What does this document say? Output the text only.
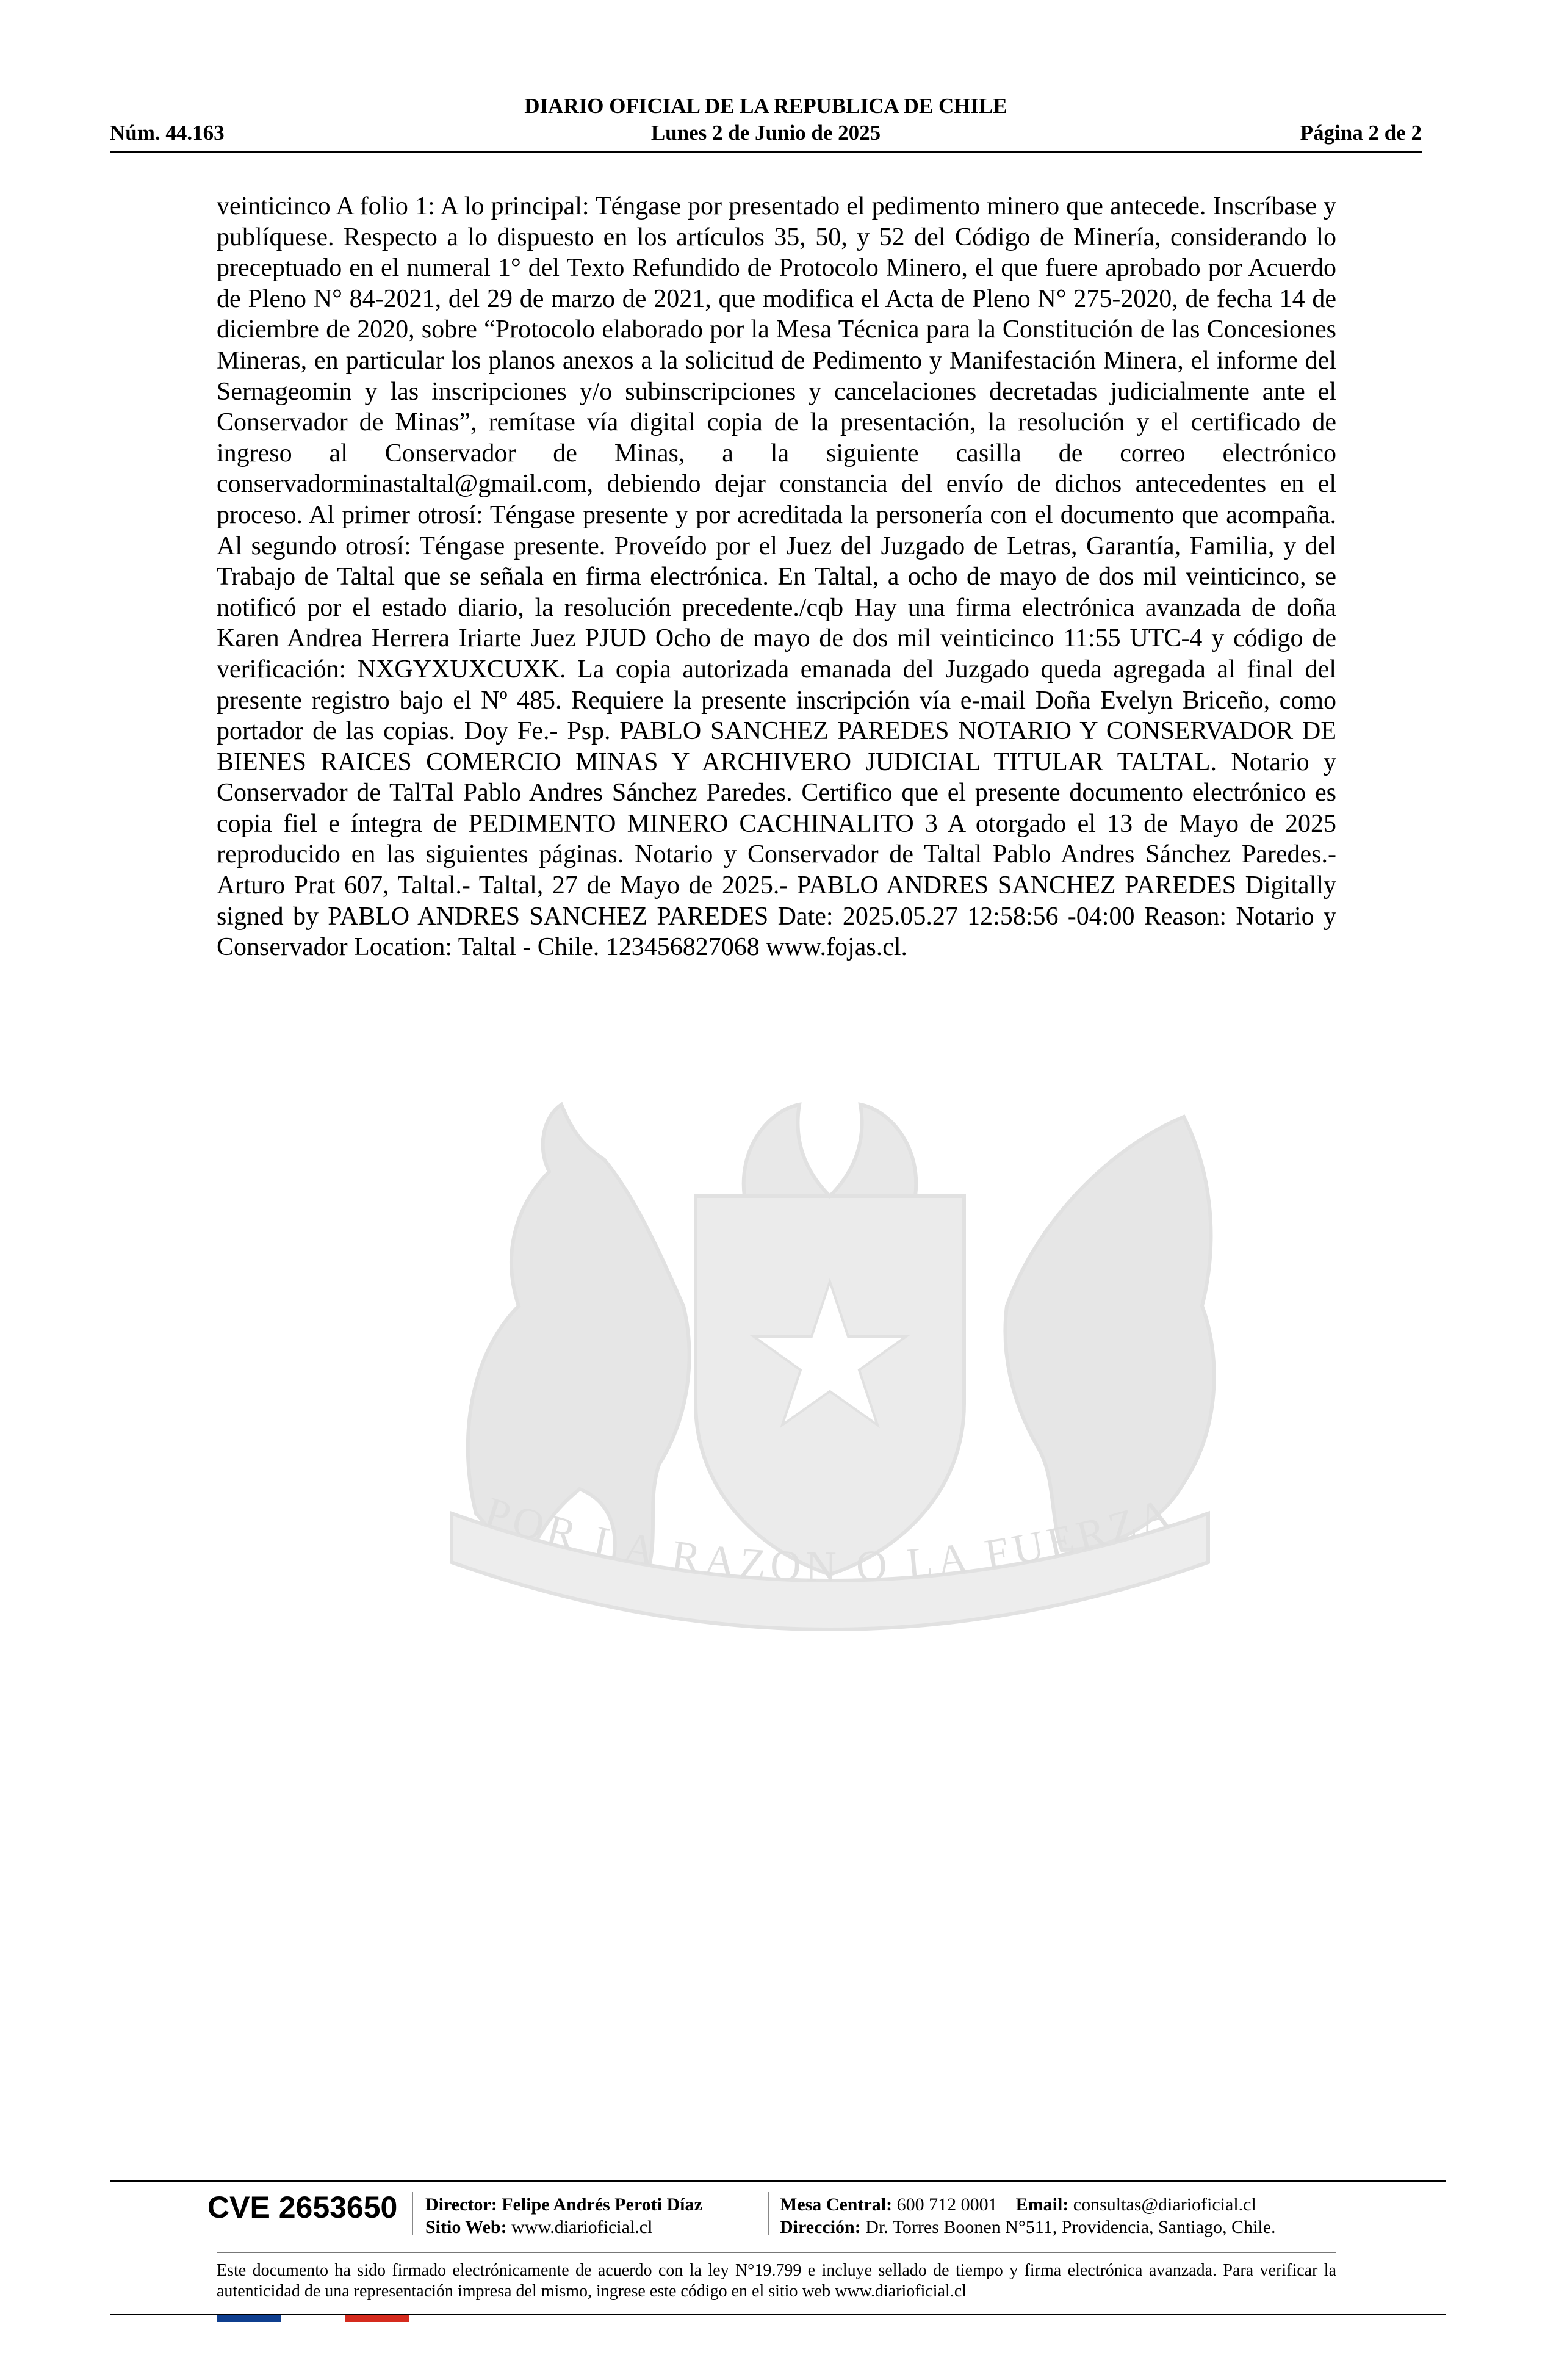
DIARIO OFICIAL DE LA REPUBLICA DE CHILE
Núm. 44.163	Lunes 2 de Junio de 2025	Página 2 de 2
POR LA RAZON O LA FUERZA

veinticinco A folio 1: A lo principal: Téngase por presentado el pedimento minero que antecede. Inscríbase y publíquese. Respecto a lo dispuesto en los artículos 35, 50, y 52 del Código de Minería, considerando lo preceptuado en el numeral 1° del Texto Refundido de Protocolo Minero, el que fuere aprobado por Acuerdo de Pleno N° 84-2021, del 29 de marzo de 2021, que modifica el Acta de Pleno N° 275-2020, de fecha 14 de diciembre de 2020, sobre “Protocolo elaborado por la Mesa Técnica para la Constitución de las Concesiones Mineras, en particular los planos anexos a la solicitud de Pedimento y Manifestación Minera, el informe del Sernageomin y las inscripciones y/o subinscripciones y cancelaciones decretadas judicialmente ante el Conservador de Minas”, remítase vía digital copia de la presentación, la resolución y el certificado de ingreso al Conservador de Minas, a la siguiente casilla de correo electrónico conservadorminastaltal@gmail.com, debiendo dejar constancia del envío de dichos antecedentes en el proceso. Al primer otrosí: Téngase presente y por acreditada la personería con el documento que acompaña. Al segundo otrosí: Téngase presente. Proveído por el Juez del Juzgado de Letras, Garantía, Familia, y del Trabajo de Taltal que se señala en firma electrónica. En Taltal, a ocho de mayo de dos mil veinticinco, se notificó por el estado diario, la resolución precedente./cqb Hay una firma electrónica avanzada de doña Karen Andrea Herrera Iriarte Juez PJUD Ocho de mayo de dos mil veinticinco 11:55 UTC-4 y código de verificación: NXGYXUXCUXK. La copia autorizada emanada del Juzgado queda agregada al final del presente registro bajo el Nº 485. Requiere la presente inscripción vía e-mail Doña Evelyn Briceño, como portador de las copias. Doy Fe.- Psp. PABLO SANCHEZ PAREDES NOTARIO Y CONSERVADOR DE BIENES RAICES COMERCIO MINAS Y ARCHIVERO JUDICIAL TITULAR TALTAL. Notario y Conservador de TalTal Pablo Andres Sánchez Paredes. Certifico que el presente documento electrónico es copia fiel e íntegra de PEDIMENTO MINERO CACHINALITO 3 A otorgado el 13 de Mayo de 2025 reproducido en las siguientes páginas. Notario y Conservador de Taltal Pablo Andres Sánchez Paredes.- Arturo Prat 607, Taltal.- Taltal, 27 de Mayo de 2025.- PABLO ANDRES SANCHEZ PAREDES Digitally signed by PABLO ANDRES SANCHEZ PAREDES Date: 2025.05.27 12:58:56 -04:00 Reason: Notario y Conservador Location: Taltal - Chile. 123456827068 www.fojas.cl.

CVE 2653650 Director: Felipe Andrés Peroti Díaz
Sitio Web: www.diarioficial.cl
Mesa Central: 600 712 0001 Email: consultas@diarioficial.cl
Dirección: Dr. Torres Boonen N°511, Providencia, Santiago, Chile.
Este documento ha sido firmado electrónicamente de acuerdo con la ley N°19.799 e incluye sellado de tiempo y firma electrónica avanzada. Para verificar la autenticidad de una representación impresa del mismo, ingrese este código en el sitio web www.diarioficial.cl
